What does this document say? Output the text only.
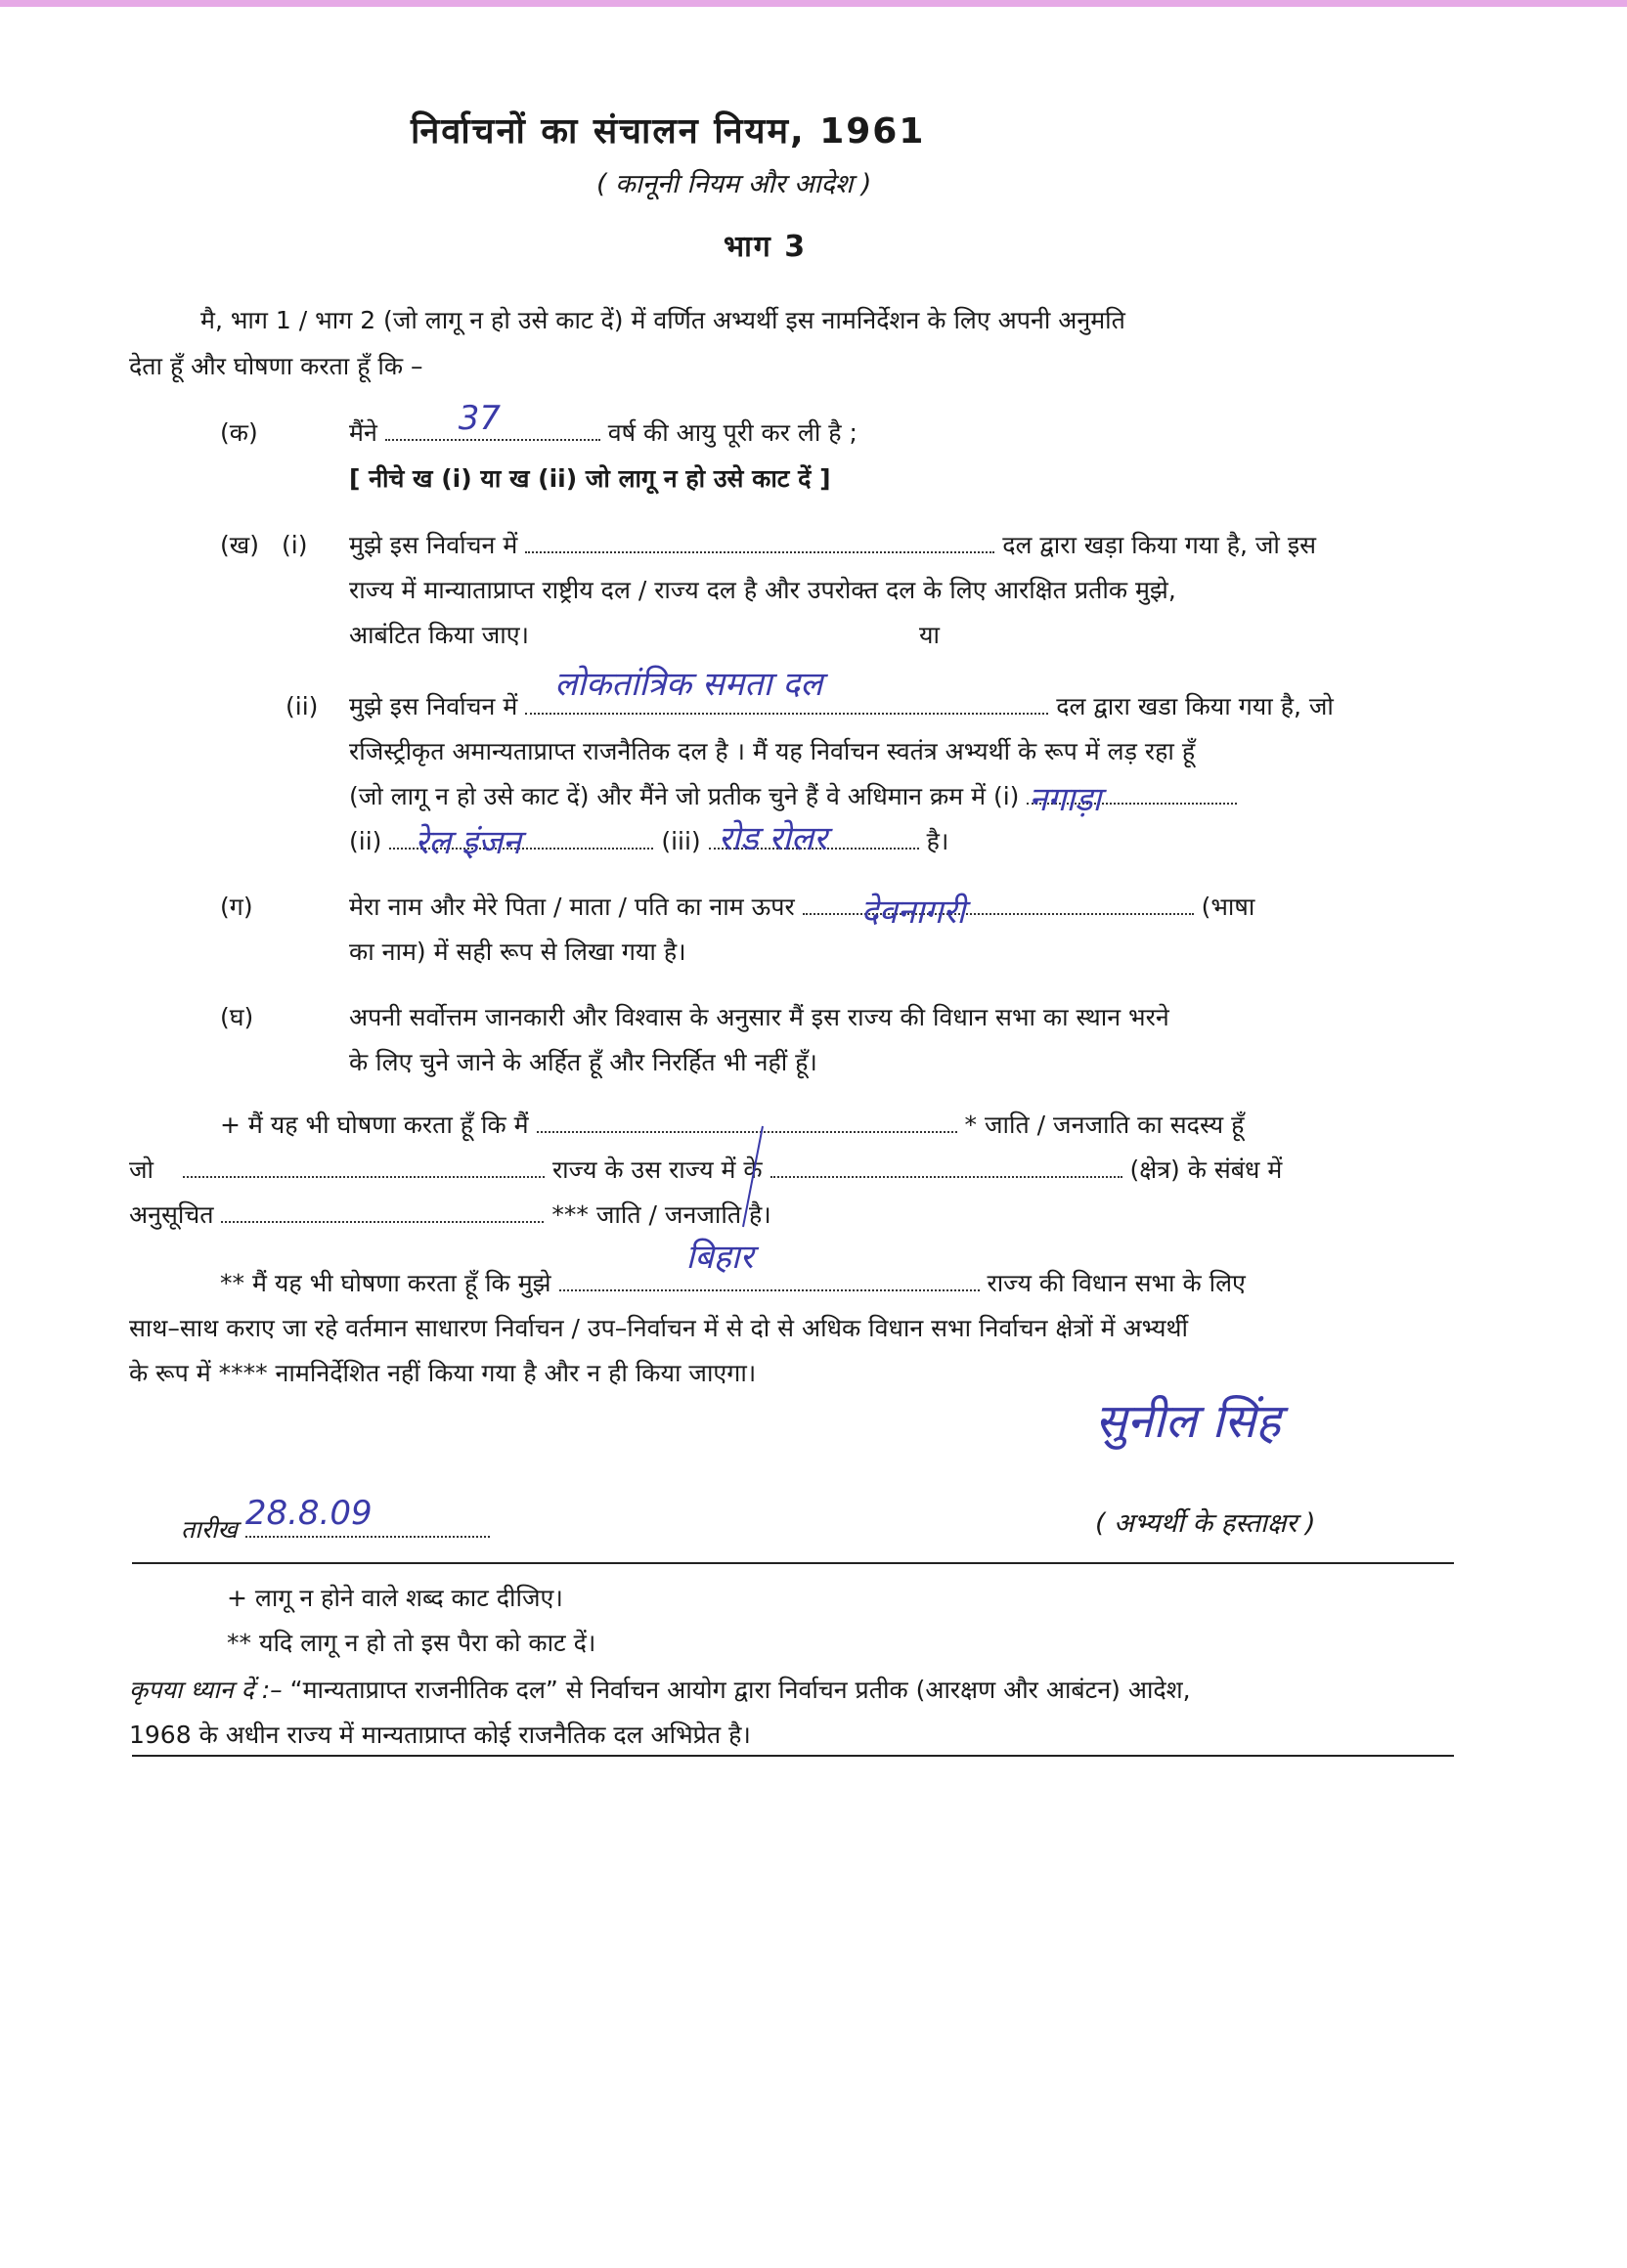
निर्वाचनों का संचालन नियम, 1961
( कानूनी नियम और आदेश )
भाग 3
मै, भाग 1 / भाग 2 (जो लागू न हो उसे काट दें) में वर्णित अभ्यर्थी इस नामनिर्देशन के लिए अपनी अनुमति
देता हूँ और घोषणा करता हूँ कि –
(क)	मैंने 37	वर्ष की आयु पूरी कर ली है ;
[ नीचे ख (i) या ख (ii) जो लागू न हो उसे काट दें ]
(ख) (i) मुझे इस निर्वाचन में	दल द्वारा खड़ा किया गया है, जो इस
राज्य में मान्याताप्राप्त राष्ट्रीय दल / राज्य दल है और उपरोक्त दल के लिए आरक्षित प्रतीक मुझे,
आबंटित किया जाए।	या
(ii) मुझे इस निर्वाचन में
लोकतांत्रिक समता दल
दल द्वारा खडा किया गया है, जो
रजिस्ट्रीकृत अमान्यताप्राप्त राजनैतिक दल है । मैं यह निर्वाचन स्वतंत्र अभ्यर्थी के रूप में लड़ रहा हूँ
(जो लागू न हो उसे काट दें) और मैंने जो प्रतीक चुने हैं वे अधिमान क्रम में (i) नगाड़ा
(ii) रेल इंजन	(iii) रोड रोलर	है।
(ग)	मेरा नाम और मेरे पिता / माता / पति का नाम ऊपर देवनागरी	(भाषा
का नाम) में सही रूप से लिखा गया है।
(घ)	अपनी सर्वोत्तम जानकारी और विश्वास के अनुसार मैं इस राज्य की विधान सभा का स्थान भरने
के लिए चुने जाने के अर्हित हूँ और निरर्हित भी नहीं हूँ।
+ मैं यह भी घोषणा करता हूँ कि मैं	* जाति / जनजाति का सदस्य हूँ
जो	राज्य के उस राज्य में के	(क्षेत्र) के संबंध में
अनुसूचित	*** जाति / जनजाति है।
** मैं यह भी घोषणा करता हूँ कि मुझे
बिहार
राज्य की विधान सभा के लिए
साथ–साथ कराए जा रहे वर्तमान साधारण निर्वाचन / उप–निर्वाचन में से दो से अधिक विधान सभा निर्वाचन क्षेत्रों में अभ्यर्थी
के रूप में **** नामनिर्देशित नहीं किया गया है और न ही किया जाएगा।
सुनील सिंह
( अभ्यर्थी के हस्ताक्षर )
तारीख 28.8.09
+ लागू न होने वाले शब्द काट दीजिए।
** यदि लागू न हो तो इस पैरा को काट दें।
कृपया ध्यान दें :– “मान्यताप्राप्त राजनीतिक दल” से निर्वाचन आयोग द्वारा निर्वाचन प्रतीक (आरक्षण और आबंटन) आदेश,
1968 के अधीन राज्य में मान्यताप्राप्त कोई राजनैतिक दल अभिप्रेत है।
